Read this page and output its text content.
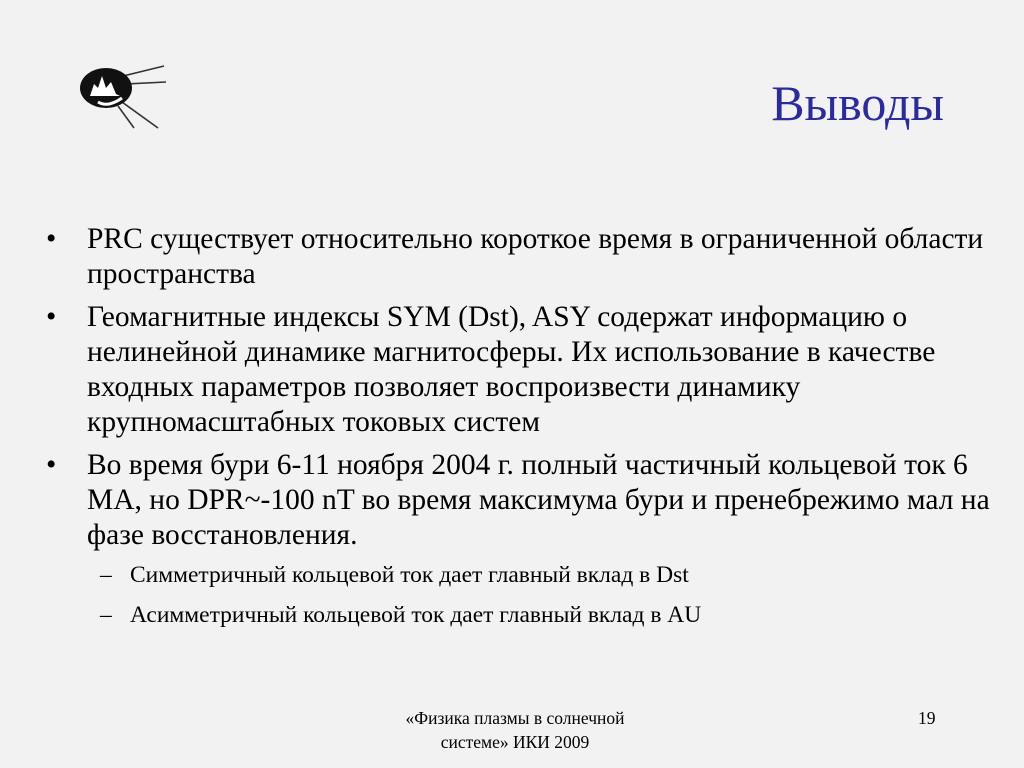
Выводы
• PRC существует относительно короткое время в ограниченной области пространства
• Геомагнитные индексы SYM (Dst), ASY содержат информацию о нелинейной динамике магнитосферы. Их использование в качестве входных параметров позволяет воспроизвести динамику крупномасштабных токовых систем
• Во время бури 6-11 ноября 2004 г. полный частичный кольцевой ток 6 MA, но DPR~-100 nT во время максимума бури и пренебрежимо мал на фазе восстановления.
– Симметричный кольцевой ток дает главный вклад в Dst
– Асимметричный кольцевой ток дает главный вклад в AU
«Физика плазмы в солнечной
системе» ИКИ 2009
19
